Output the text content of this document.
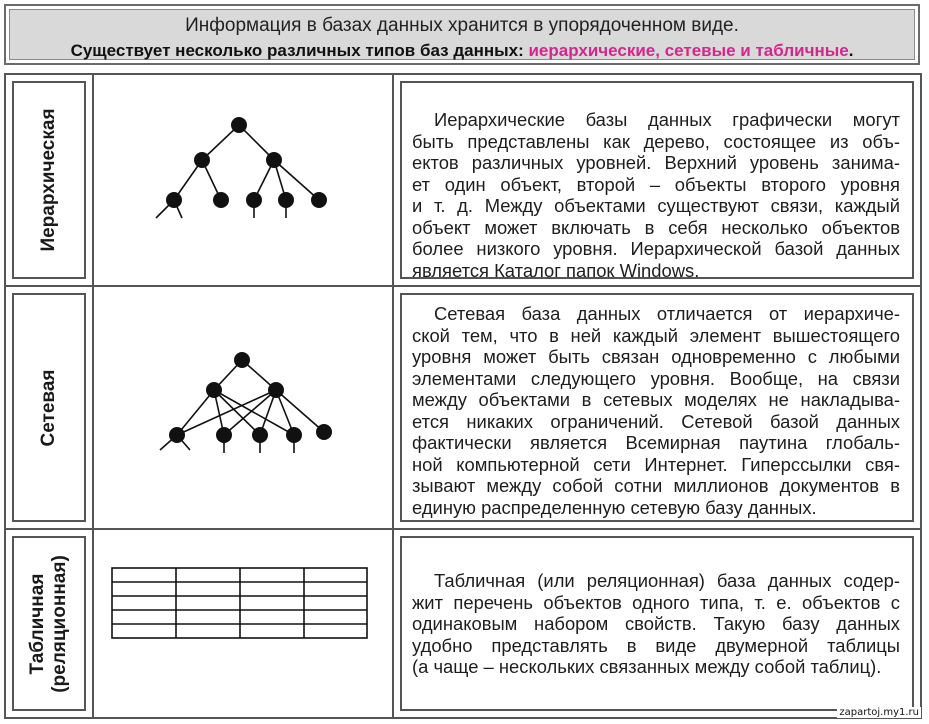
Информация в базах данных хранится в упорядоченном виде.
Существует несколько различных типов баз данных: иерархические, сетевые и табличные.
Иерархическая	Иерархические базы данных графически могут
быть представлены как дерево, состоящее из объ-
ектов различных уровней. Верхний уровень занима-
ет один объект, второй – объекты второго уровня
и т. д. Между объектами существуют связи, каждый
объект может включать в себя несколько объектов
более низкого уровня. Иерархической базой данных
является Каталог папок Windows.
Сетевая
Сетевая база данных отличается от иерархиче-
ской тем, что в ней каждый элемент вышестоящего
уровня может быть связан одновременно с любыми
элементами следующего уровня. Вообще, на связи
между объектами в сетевых моделях не накладыва-
ется никаких ограничений. Сетевой базой данных
фактически является Всемирная паутина глобаль-
ной компьютерной сети Интернет. Гиперссылки свя-
зывают между собой сотни миллионов документов в
единую распределенную сетевую базу данных.
Табличная (реляционная)	Табличная (или реляционная) база данных содер-
жит перечень объектов одного типа, т. е. объектов с
одинаковым набором свойств. Такую базу данных
удобно представлять в виде двумерной таблицы
(а чаще – нескольких связанных между собой таблиц).
zapartoj.my1.ru
